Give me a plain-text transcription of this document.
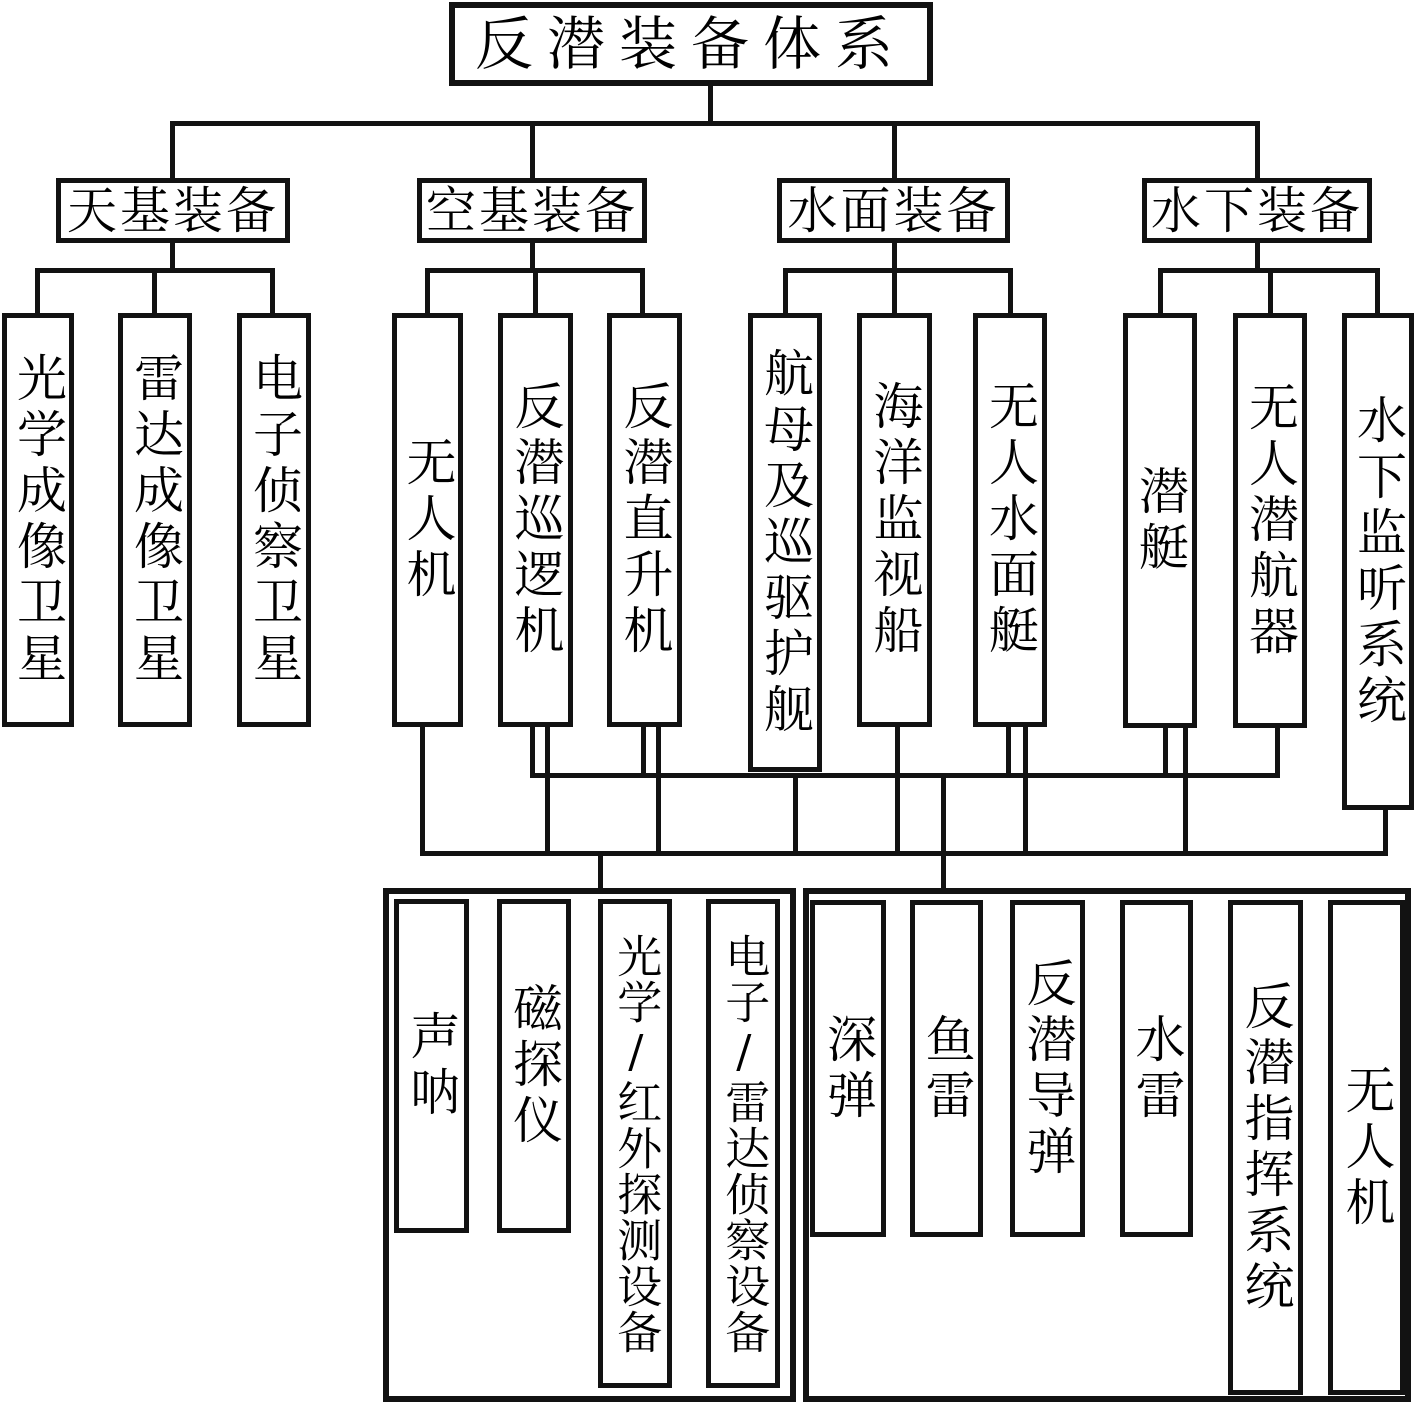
反潜装备体系
天基装备	空基装备	水面装备	水下装备
光学成像卫星 雷达成像卫星 电子侦察卫星 无人机 反潜巡逻机 反潜直升机 航母及巡驱护舰 海洋监视船 无人水面艇 潜艇 无人潜航器 水下监听系统
声呐 磁探仪 光学/红外探测设备 电子/雷达侦察设备 深弹 鱼雷 反潜导弹 水雷 反潜指挥系统 无人机
